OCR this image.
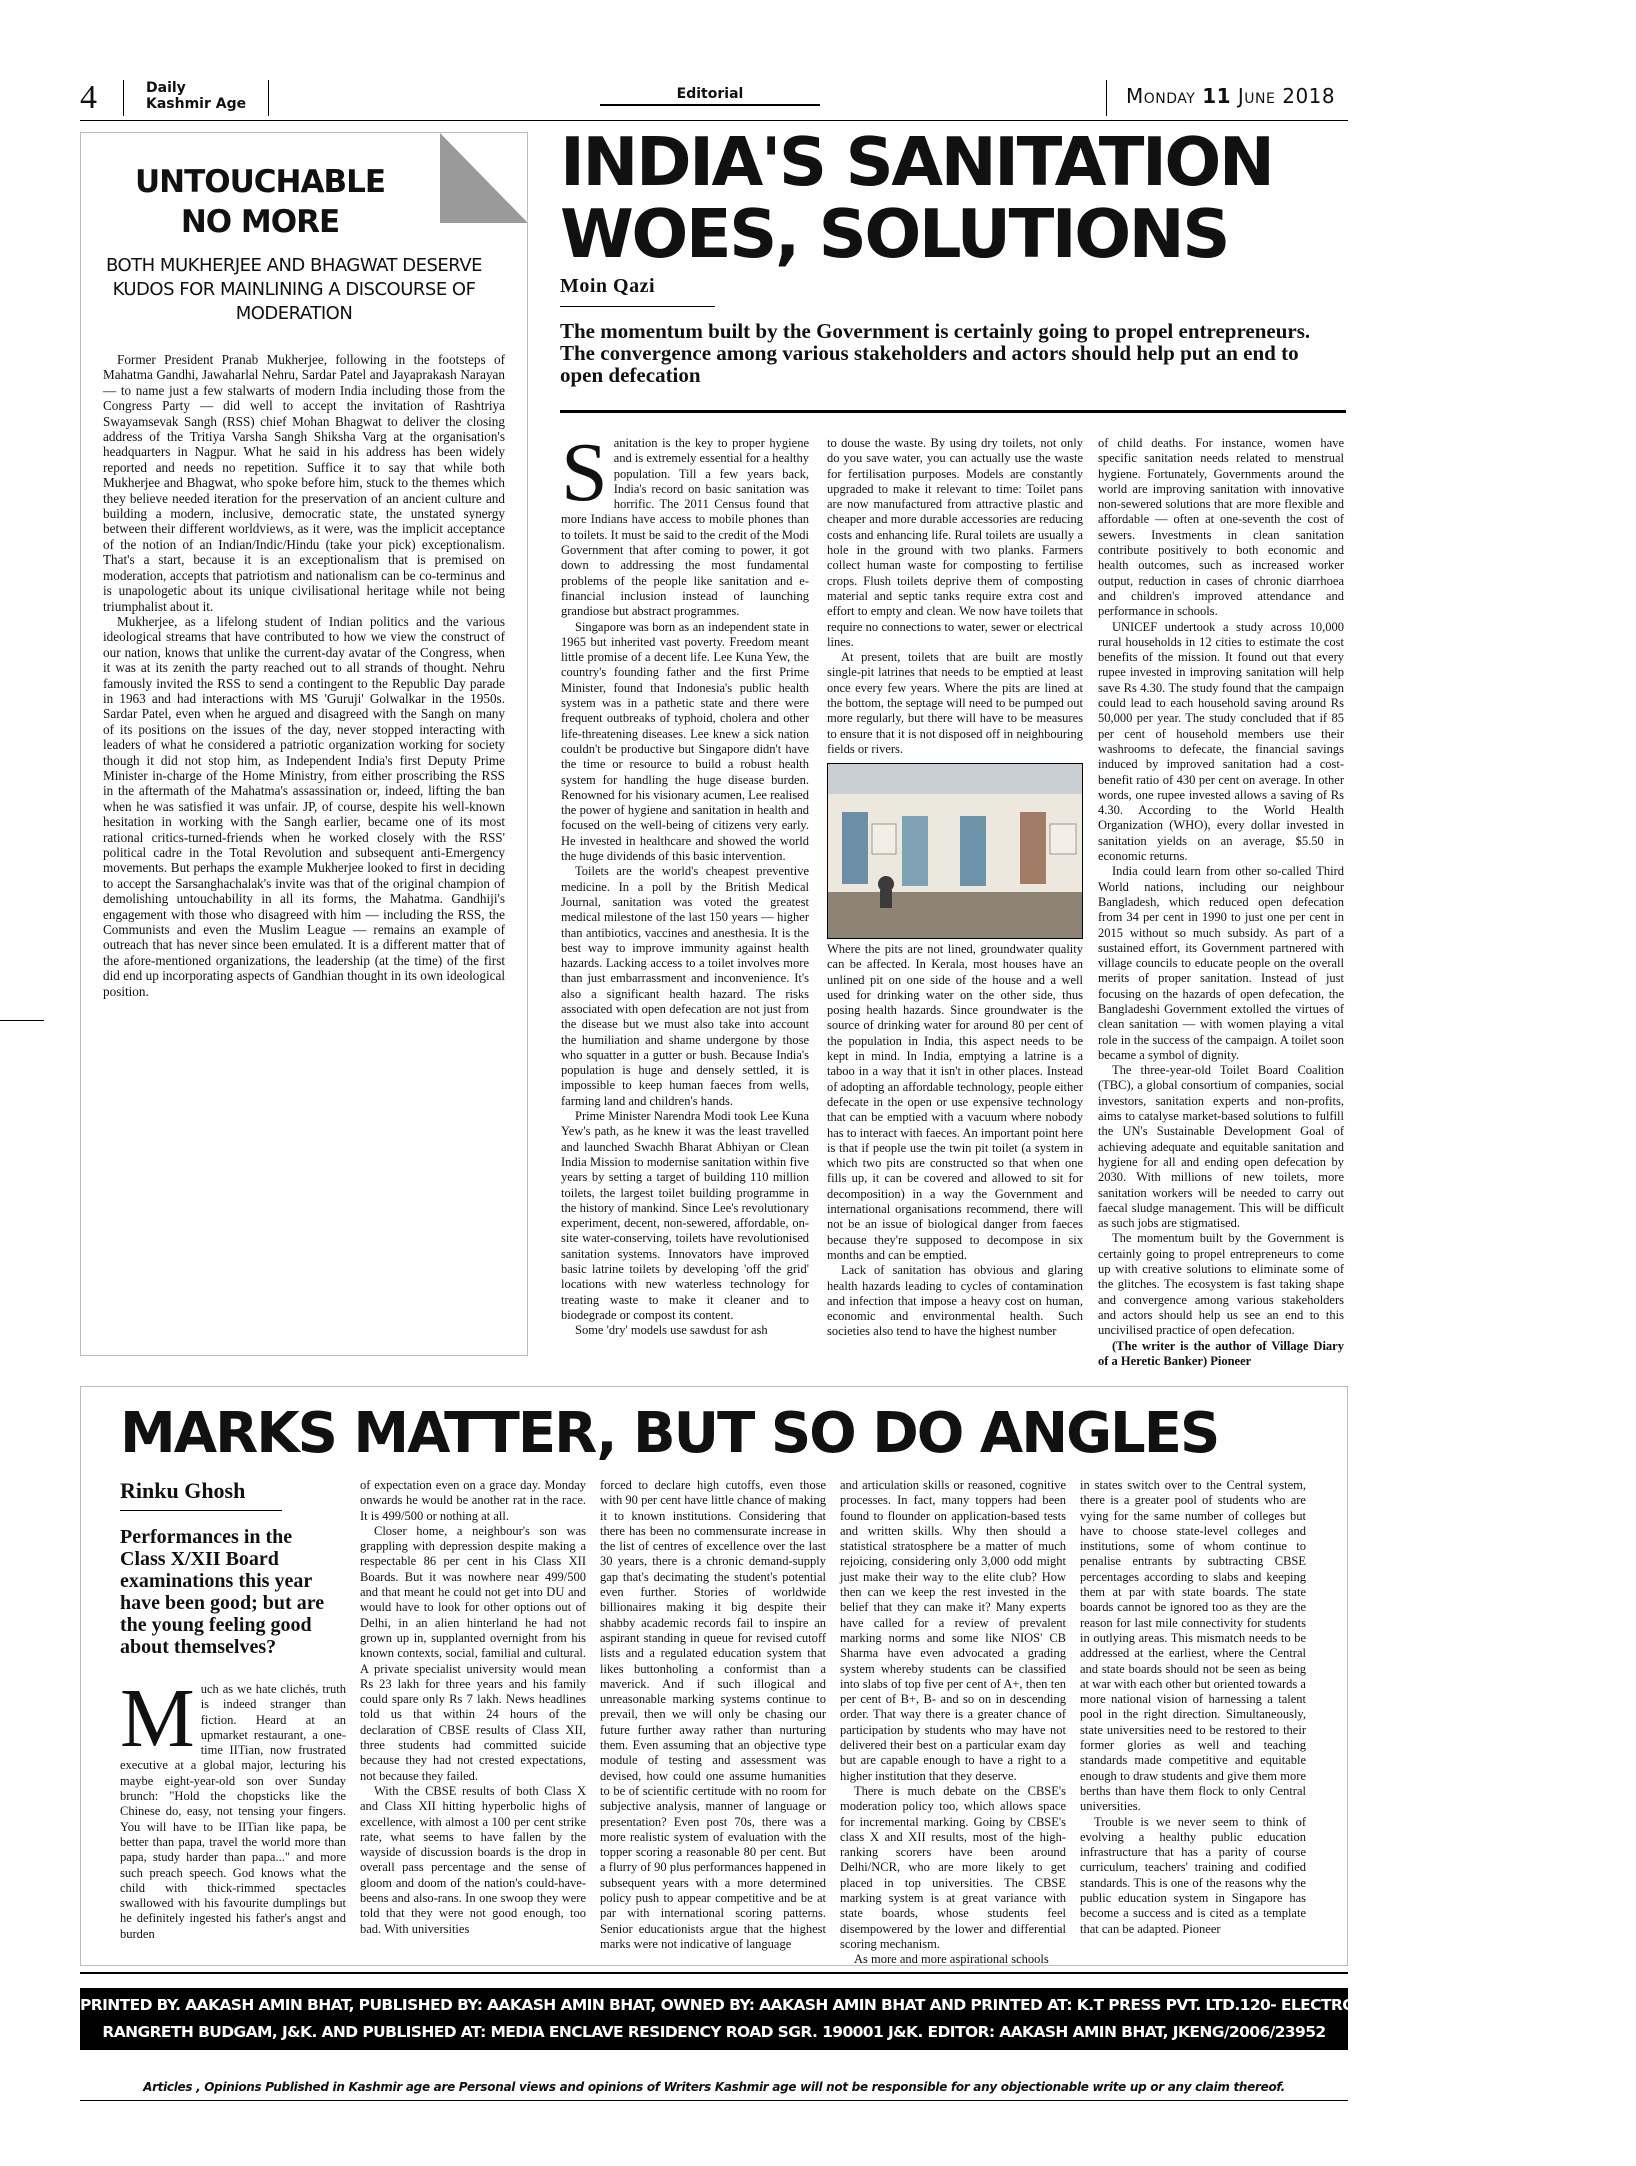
4	Daily
Kashmir Age
Editorial	Monday 11 June 2018
UNTOUCHABLE
NO MORE
BOTH MUKHERJEE AND BHAGWAT DESERVE KUDOS FOR MAINLINING A DISCOURSE OF MODERATION

Former President Pranab Mukherjee, following in the footsteps of Mahatma Gandhi, Jawaharlal Nehru, Sardar Patel and Jayaprakash Narayan — to name just a few stalwarts of modern India including those from the Congress Party — did well to accept the invitation of Rashtriya Swayamsevak Sangh (RSS) chief Mohan Bhagwat to deliver the closing address of the Tritiya Varsha Sangh Shiksha Varg at the organisation's headquarters in Nagpur. What he said in his address has been widely reported and needs no repetition. Suffice it to say that while both Mukherjee and Bhagwat, who spoke before him, stuck to the themes which they believe needed iteration for the preservation of an ancient culture and building a modern, inclusive, democratic state, the unstated synergy between their different worldviews, as it were, was the implicit acceptance of the notion of an Indian/Indic/Hindu (take your pick) exceptionalism. That's a start, because it is an exceptionalism that is premised on moderation, accepts that patriotism and nationalism can be co-terminus and is unapologetic about its unique civilisational heritage while not being triumphalist about it.

Mukherjee, as a lifelong student of Indian politics and the various ideological streams that have contributed to how we view the construct of our nation, knows that unlike the current-day avatar of the Congress, when it was at its zenith the party reached out to all strands of thought. Nehru famously invited the RSS to send a contingent to the Republic Day parade in 1963 and had interactions with MS 'Guruji' Golwalkar in the 1950s. Sardar Patel, even when he argued and disagreed with the Sangh on many of its positions on the issues of the day, never stopped interacting with leaders of what he considered a patriotic organization working for society though it did not stop him, as Independent India's first Deputy Prime Minister in-charge of the Home Ministry, from either proscribing the RSS in the aftermath of the Mahatma's assassination or, indeed, lifting the ban when he was satisfied it was unfair. JP, of course, despite his well-known hesitation in working with the Sangh earlier, became one of its most rational critics-turned-friends when he worked closely with the RSS' political cadre in the Total Revolution and subsequent anti-Emergency movements. But perhaps the example Mukherjee looked to first in deciding to accept the Sarsanghachalak's invite was that of the original champion of demolishing untouchability in all its forms, the Mahatma. Gandhiji's engagement with those who disagreed with him — including the RSS, the Communists and even the Muslim League — remains an example of outreach that has never since been emulated. It is a different matter that of the afore-mentioned organizations, the leadership (at the time) of the first did end up incorporating aspects of Gandhian thought in its own ideological position.

INDIA'S SANITATION
WOES, SOLUTIONS
Moin Qazi
The momentum built by the Government is certainly going to propel entrepreneurs. The convergence among various stakeholders and actors should help put an end to open defecation
S anitation is the key to proper hygiene and is extremely essential for a healthy population. Till a few years back, India's record on basic sanitation was horrific. The 2011 Census found that more Indians have access to mobile phones than to toilets. It must be said to the credit of the Modi Government that after coming to power, it got down to addressing the most fundamental problems of the people like sanitation and e-financial inclusion instead of launching grandiose but abstract programmes.

Singapore was born as an independent state in 1965 but inherited vast poverty. Freedom meant little promise of a decent life. Lee Kuna Yew, the country's founding father and the first Prime Minister, found that Indonesia's public health system was in a pathetic state and there were frequent outbreaks of typhoid, cholera and other life-threatening diseases. Lee knew a sick nation couldn't be productive but Singapore didn't have the time or resource to build a robust health system for handling the huge disease burden. Renowned for his visionary acumen, Lee realised the power of hygiene and sanitation in health and focused on the well-being of citizens very early. He invested in healthcare and showed the world the huge dividends of this basic intervention.

Toilets are the world's cheapest preventive medicine. In a poll by the British Medical Journal, sanitation was voted the greatest medical milestone of the last 150 years — higher than antibiotics, vaccines and anesthesia. It is the best way to improve immunity against health hazards. Lacking access to a toilet involves more than just embarrassment and inconvenience. It's also a significant health hazard. The risks associated with open defecation are not just from the disease but we must also take into account the humiliation and shame undergone by those who squatter in a gutter or bush. Because India's population is huge and densely settled, it is impossible to keep human faeces from wells, farming land and children's hands.

Prime Minister Narendra Modi took Lee Kuna Yew's path, as he knew it was the least travelled and launched Swachh Bharat Abhiyan or Clean India Mission to modernise sanitation within five years by setting a target of building 110 million toilets, the largest toilet building programme in the history of mankind. Since Lee's revolutionary experiment, decent, non-sewered, affordable, on-site water-conserving, toilets have revolutionised sanitation systems. Innovators have improved basic latrine toilets by developing 'off the grid' locations with new waterless technology for treating waste to make it cleaner and to biodegrade or compost its content.

Some 'dry' models use sawdust for ash

to douse the waste. By using dry toilets, not only do you save water, you can actually use the waste for fertilisation purposes. Models are constantly upgraded to make it relevant to time: Toilet pans are now manufactured from attractive plastic and cheaper and more durable accessories are reducing costs and enhancing life. Rural toilets are usually a hole in the ground with two planks. Farmers collect human waste for composting to fertilise crops. Flush toilets deprive them of composting material and septic tanks require extra cost and effort to empty and clean. We now have toilets that require no connections to water, sewer or electrical lines.

At present, toilets that are built are mostly single-pit latrines that needs to be emptied at least once every few years. Where the pits are lined at the bottom, the septage will need to be pumped out more regularly, but there will have to be measures to ensure that it is not disposed off in neighbouring fields or rivers.

Where the pits are not lined, groundwater quality can be affected. In Kerala, most houses have an unlined pit on one side of the house and a well used for drinking water on the other side, thus posing health hazards. Since groundwater is the source of drinking water for around 80 per cent of the population in India, this aspect needs to be kept in mind. In India, emptying a latrine is a taboo in a way that it isn't in other places. Instead of adopting an affordable technology, people either defecate in the open or use expensive technology that can be emptied with a vacuum where nobody has to interact with faeces. An important point here is that if people use the twin pit toilet (a system in which two pits are constructed so that when one fills up, it can be covered and allowed to sit for decomposition) in a way the Government and international organisations recommend, there will not be an issue of biological danger from faeces because they're supposed to decompose in six months and can be emptied.

Lack of sanitation has obvious and glaring health hazards leading to cycles of contamination and infection that impose a heavy cost on human, economic and environmental health. Such societies also tend to have the highest number

of child deaths. For instance, women have specific sanitation needs related to menstrual hygiene. Fortunately, Governments around the world are improving sanitation with innovative non-sewered solutions that are more flexible and affordable — often at one-seventh the cost of sewers. Investments in clean sanitation contribute positively to both economic and health outcomes, such as increased worker output, reduction in cases of chronic diarrhoea and children's improved attendance and performance in schools.

UNICEF undertook a study across 10,000 rural households in 12 cities to estimate the cost benefits of the mission. It found out that every rupee invested in improving sanitation will help save Rs 4.30. The study found that the campaign could lead to each household saving around Rs 50,000 per year. The study concluded that if 85 per cent of household members use their washrooms to defecate, the financial savings induced by improved sanitation had a cost-benefit ratio of 430 per cent on average. In other words, one rupee invested allows a saving of Rs 4.30. According to the World Health Organization (WHO), every dollar invested in sanitation yields on an average, $5.50 in economic returns.

India could learn from other so-called Third World nations, including our neighbour Bangladesh, which reduced open defecation from 34 per cent in 1990 to just one per cent in 2015 without so much subsidy. As part of a sustained effort, its Government partnered with village councils to educate people on the overall merits of proper sanitation. Instead of just focusing on the hazards of open defecation, the Bangladeshi Government extolled the virtues of clean sanitation — with women playing a vital role in the success of the campaign. A toilet soon became a symbol of dignity.

The three-year-old Toilet Board Coalition (TBC), a global consortium of companies, social investors, sanitation experts and non-profits, aims to catalyse market-based solutions to fulfill the UN's Sustainable Development Goal of achieving adequate and equitable sanitation and hygiene for all and ending open defecation by 2030. With millions of new toilets, more sanitation workers will be needed to carry out faecal sludge management. This will be difficult as such jobs are stigmatised.

The momentum built by the Government is certainly going to propel entrepreneurs to come up with creative solutions to eliminate some of the glitches. The ecosystem is fast taking shape and convergence among various stakeholders and actors should help us see an end to this uncivilised practice of open defecation.

(The writer is the author of Village Diary of a Heretic Banker) Pioneer

MARKS MATTER, BUT SO DO ANGLES
Rinku Ghosh
Performances in the Class X/XII Board examinations this year have been good; but are the young feeling good about themselves?
M uch as we hate clichés, truth is indeed stranger than fiction. Heard at an upmarket restaurant, a one-time IITian, now frustrated executive at a global major, lecturing his maybe eight-year-old son over Sunday brunch: "Hold the chopsticks like the Chinese do, easy, not tensing your fingers. You will have to be IITian like papa, be better than papa, travel the world more than papa, study harder than papa..." and more such preach speech. God knows what the child with thick-rimmed spectacles swallowed with his favourite dumplings but he definitely ingested his father's angst and burden

of expectation even on a grace day. Monday onwards he would be another rat in the race. It is 499/500 or nothing at all.

Closer home, a neighbour's son was grappling with depression despite making a respectable 86 per cent in his Class XII Boards. But it was nowhere near 499/500 and that meant he could not get into DU and would have to look for other options out of Delhi, in an alien hinterland he had not grown up in, supplanted overnight from his known contexts, social, familial and cultural. A private specialist university would mean Rs 23 lakh for three years and his family could spare only Rs 7 lakh. News headlines told us that within 24 hours of the declaration of CBSE results of Class XII, three students had committed suicide because they had not crested expectations, not because they failed.

With the CBSE results of both Class X and Class XII hitting hyperbolic highs of excellence, with almost a 100 per cent strike rate, what seems to have fallen by the wayside of discussion boards is the drop in overall pass percentage and the sense of gloom and doom of the nation's could-have-beens and also-rans. In one swoop they were told that they were not good enough, too bad. With universities

forced to declare high cutoffs, even those with 90 per cent have little chance of making it to known institutions. Considering that there has been no commensurate increase in the list of centres of excellence over the last 30 years, there is a chronic demand-supply gap that's decimating the student's potential even further. Stories of worldwide billionaires making it big despite their shabby academic records fail to inspire an aspirant standing in queue for revised cutoff lists and a regulated education system that likes buttonholing a conformist than a maverick. And if such illogical and unreasonable marking systems continue to prevail, then we will only be chasing our future further away rather than nurturing them. Even assuming that an objective type module of testing and assessment was devised, how could one assume humanities to be of scientific certitude with no room for subjective analysis, manner of language or presentation? Even post 70s, there was a more realistic system of evaluation with the topper scoring a reasonable 80 per cent. But a flurry of 90 plus performances happened in subsequent years with a more determined policy push to appear competitive and be at par with international scoring patterns. Senior educationists argue that the highest marks were not indicative of language

and articulation skills or reasoned, cognitive processes. In fact, many toppers had been found to flounder on application-based tests and written skills. Why then should a statistical stratosphere be a matter of much rejoicing, considering only 3,000 odd might just make their way to the elite club? How then can we keep the rest invested in the belief that they can make it? Many experts have called for a review of prevalent marking norms and some like NIOS' CB Sharma have even advocated a grading system whereby students can be classified into slabs of top five per cent of A+, then ten per cent of B+, B- and so on in descending order. That way there is a greater chance of participation by students who may have not delivered their best on a particular exam day but are capable enough to have a right to a higher institution that they deserve.

There is much debate on the CBSE's moderation policy too, which allows space for incremental marking. Going by CBSE's class X and XII results, most of the high-ranking scorers have been around Delhi/NCR, who are more likely to get placed in top universities. The CBSE marking system is at great variance with state boards, whose students feel disempowered by the lower and differential scoring mechanism.

As more and more aspirational schools

in states switch over to the Central system, there is a greater pool of students who are vying for the same number of colleges but have to choose state-level colleges and institutions, some of whom continue to penalise entrants by subtracting CBSE percentages according to slabs and keeping them at par with state boards. The state boards cannot be ignored too as they are the reason for last mile connectivity for students in outlying areas. This mismatch needs to be addressed at the earliest, where the Central and state boards should not be seen as being at war with each other but oriented towards a more national vision of harnessing a talent pool in the right direction. Simultaneously, state universities need to be restored to their former glories as well and teaching standards made competitive and equitable enough to draw students and give them more berths than have them flock to only Central universities.

Trouble is we never seem to think of evolving a healthy public education infrastructure that has a parity of course curriculum, teachers' training and codified standards. This is one of the reasons why the public education system in Singapore has become a success and is cited as a template that can be adapted. Pioneer

PRINTED BY. AAKASH AMIN BHAT, PUBLISHED BY: AAKASH AMIN BHAT, OWNED BY: AAKASH AMIN BHAT AND PRINTED AT: K.T PRESS PVT. LTD.120- ELECTRONIC COMPLEX INDUSTRIAL ESTATE
RANGRETH BUDGAM, J&K. AND PUBLISHED AT: MEDIA ENCLAVE RESIDENCY ROAD SGR. 190001 J&K. EDITOR: AAKASH AMIN BHAT, JKENG/2006/23952
Articles , Opinions Published in Kashmir age are Personal views and opinions of Writers Kashmir age will not be responsible for any objectionable write up or any claim thereof.
